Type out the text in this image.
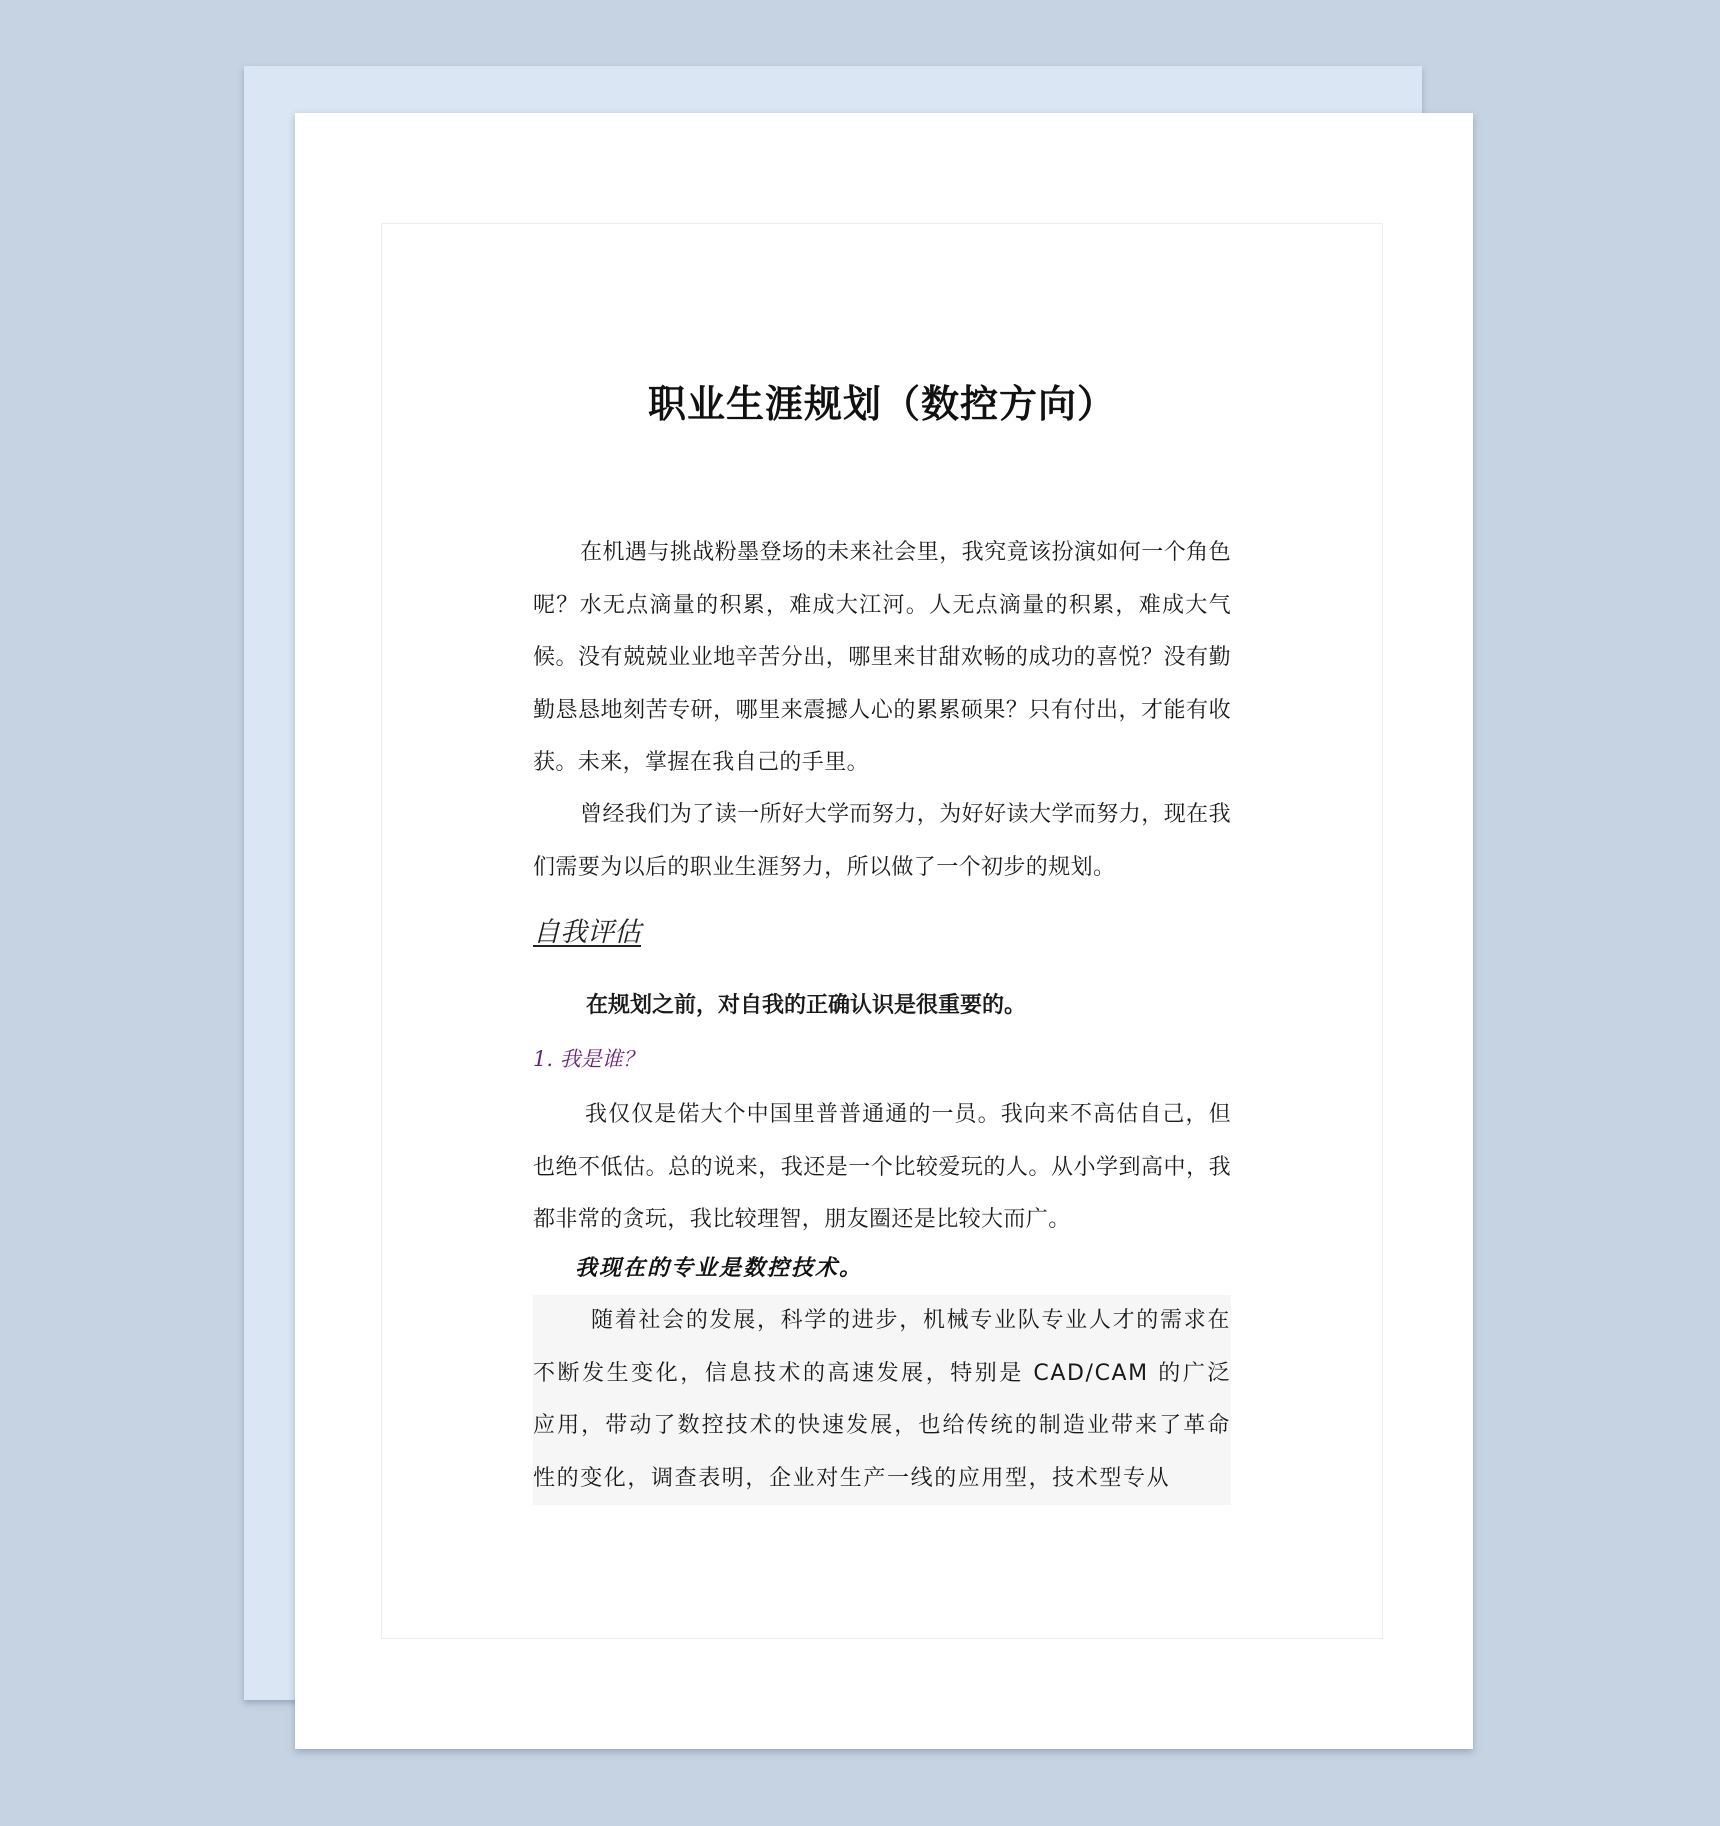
职业生涯规划（数控方向）
在机遇与挑战粉墨登场的未来社会里，我究竟该扮演如何一个角色呢？水无点滴量的积累，难成大江河。人无点滴量的积累，难成大气候。没有兢兢业业地辛苦分出，哪里来甘甜欢畅的成功的喜悦？没有勤勤恳恳地刻苦专研，哪里来震撼人心的累累硕果？只有付出，才能有收获。未来，掌握在我自己的手里。
曾经我们为了读一所好大学而努力，为好好读大学而努力，现在我们需要为以后的职业生涯努力，所以做了一个初步的规划。
自我评估
在规划之前，对自我的正确认识是很重要的。
1. 我是谁？
我仅仅是偌大个中国里普普通通的一员。我向来不高估自己，但也绝不低估。总的说来，我还是一个比较爱玩的人。从小学到高中，我都非常的贪玩，我比较理智，朋友圈还是比较大而广。
我现在的专业是数控技术。
随着社会的发展，科学的进步，机械专业队专业人才的需求在不断发生变化，信息技术的高速发展，特别是 CAD/CAM 的广泛应用，带动了数控技术的快速发展，也给传统的制造业带来了革命性的变化，调查表明，企业对生产一线的应用型，技术型专从
